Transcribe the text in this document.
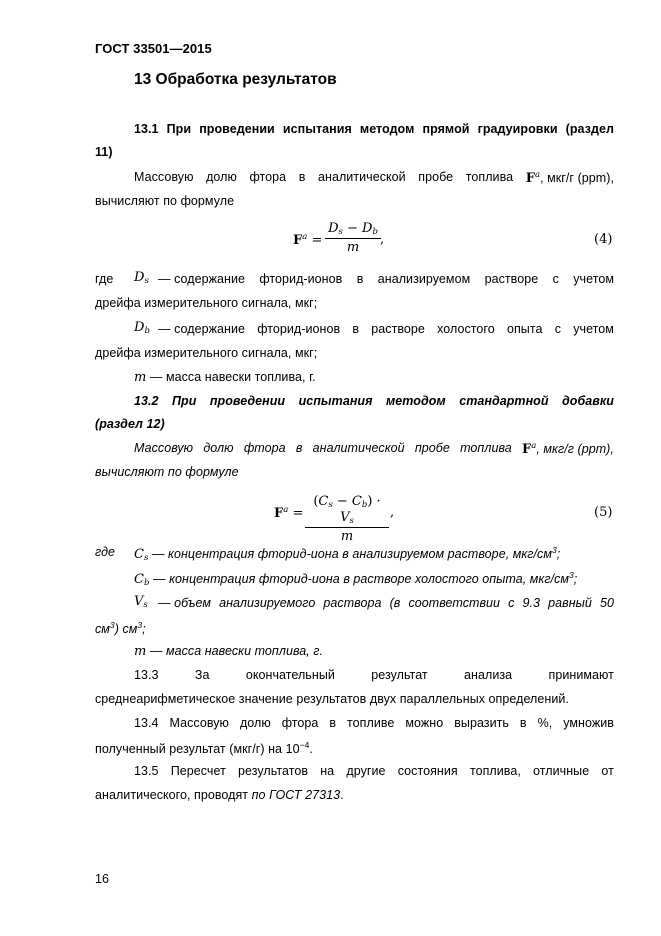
ГОСТ 33501—2015
13 Обработка результатов
13.1 При проведении испытания методом прямой градуировки (раздел
11)
Массовую долю фтора в аналитической пробе топлива $F^a$, мкг/г (ppm),
вычисляют по формуле
$F^a = \frac{D_s - D_b}{m}$ ,	(4)
где $D_s$ — содержание фторид-ионов в анализируемом растворе с учетом
дрейфа измерительного сигнала, мкг;
$D_b$ — содержание фторид-ионов в растворе холостого опыта с учетом
дрейфа измерительного сигнала, мкг;
m — масса навески топлива, г.
13.2 При проведении испытания методом стандартной добавки
(раздел 12)
Массовую долю фтора в аналитической пробе топлива $F^a$, мкг/г (ppm),
вычисляют по формуле
$F^a = \frac{(C_s - C_b) \cdot V_s}{m}$ ,	(5)
где $C_s$ — концентрация фторид-иона в анализируемом растворе, мкг/$см^3$;
$C_b$ — концентрация фторид-иона в растворе холостого опыта, мкг/$см^3$;
$V_s$ — объем анализируемого раствора (в соответствии с 9.3 равный 50
$см^3$) $см^3$;
m — масса навески топлива, г.
13.3	За	окончательный	результат	анализа	принимают
среднеарифметическое значение результатов двух параллельных определений.
13.4 Массовую долю фтора в топливе можно выразить в %, умножив
полученный результат (мкг/г) на $10^{-4}$.
13.5 Пересчет результатов на другие состояния топлива, отличные от
аналитического, проводят по ГОСТ 27313.
16
